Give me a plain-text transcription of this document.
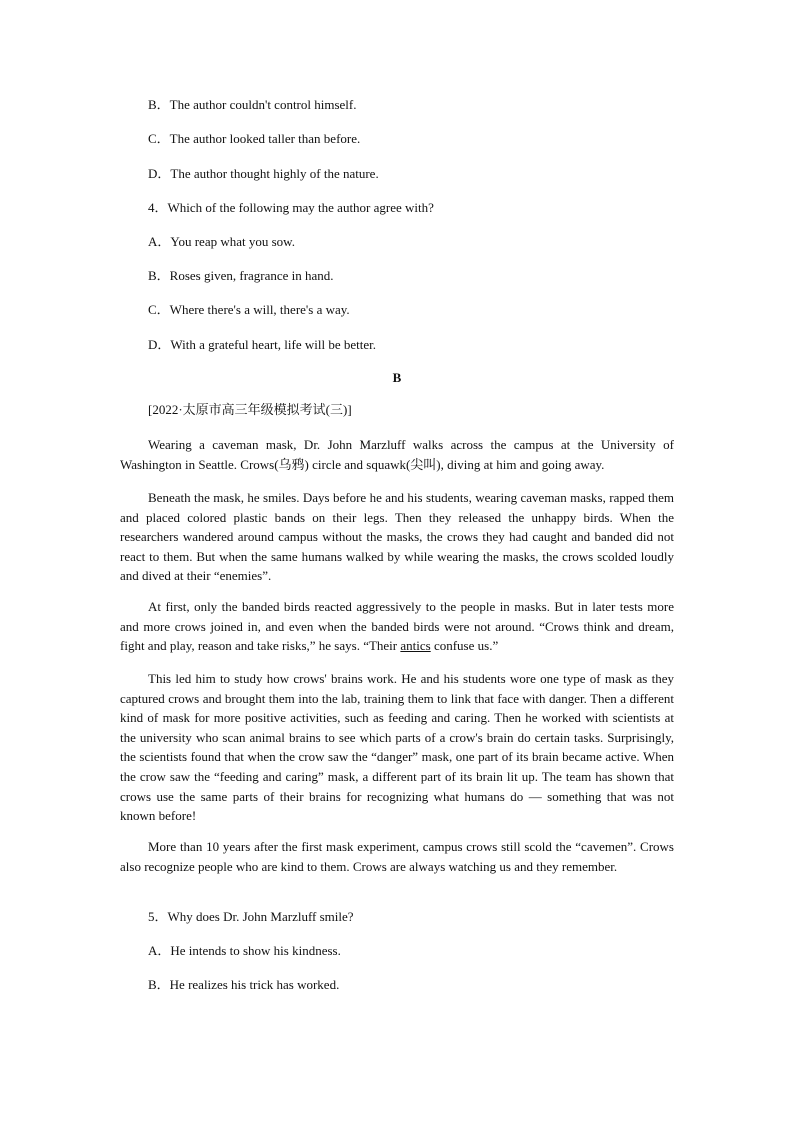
B．The author couldn't control himself.
C．The author looked taller than before.
D．The author thought highly of the nature.
4．Which of the following may the author agree with?
A．You reap what you sow.
B．Roses given, fragrance in hand.
C．Where there's a will, there's a way.
D．With a grateful heart, life will be better.
B
[2022·太原市高三年级模拟考试(三)]
Wearing a caveman mask, Dr. John Marzluff walks across the campus at the University of Washington in Seattle. Crows(乌鸦) circle and squawk(尖叫), diving at him and going away.
Beneath the mask, he smiles. Days before he and his students, wearing caveman masks, rapped them and placed colored plastic bands on their legs. Then they released the unhappy birds. When the researchers wandered around campus without the masks, the crows they had caught and banded did not react to them. But when the same humans walked by while wearing the masks, the crows scolded loudly and dived at their “enemies”.
At first, only the banded birds reacted aggressively to the people in masks. But in later tests more and more crows joined in, and even when the banded birds were not around. “Crows think and dream, fight and play, reason and take risks,” he says. “Their antics confuse us.”
This led him to study how crows' brains work. He and his students wore one type of mask as they captured crows and brought them into the lab, training them to link that face with danger. Then a different kind of mask for more positive activities, such as feeding and caring. Then he worked with scientists at the university who scan animal brains to see which parts of a crow's brain do certain tasks. Surprisingly, the scientists found that when the crow saw the “danger” mask, one part of its brain became active. When the crow saw the “feeding and caring” mask, a different part of its brain lit up. The team has shown that crows use the same parts of their brains for recognizing what humans do — something that was not known before!
More than 10 years after the first mask experiment, campus crows still scold the “cavemen”. Crows also recognize people who are kind to them. Crows are always watching us and they remember.
5．Why does Dr. John Marzluff smile?
A．He intends to show his kindness.
B．He realizes his trick has worked.
